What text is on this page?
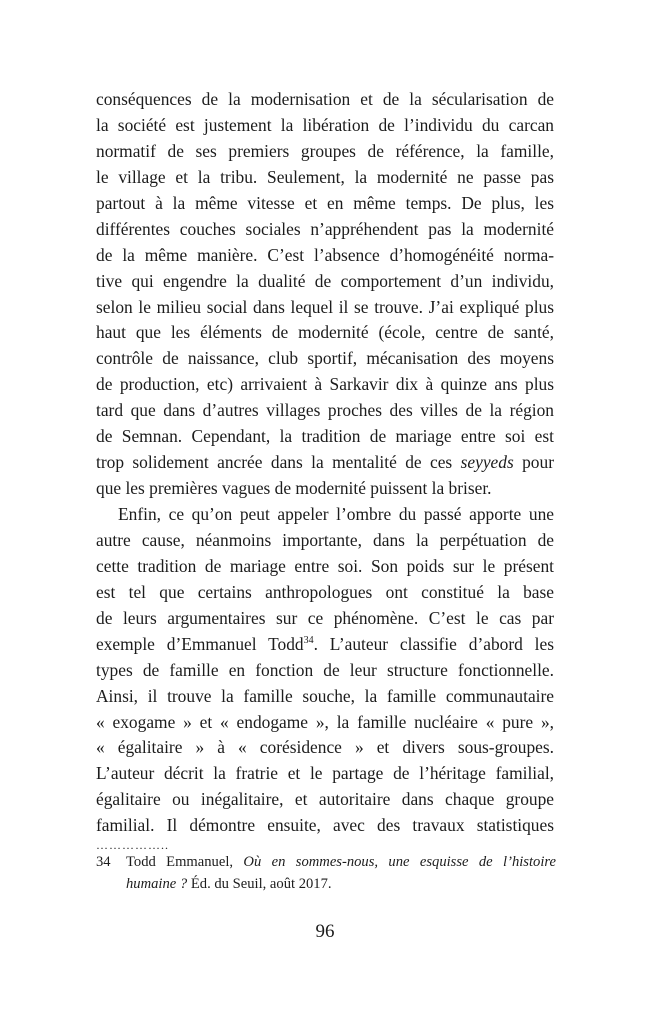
conséquences de la modernisation et de la sécularisation de
la société est justement la libération de l’individu du carcan
normatif de ses premiers groupes de référence, la famille,
le village et la tribu. Seulement, la modernité ne passe pas
partout à la même vitesse et en même temps. De plus, les
différentes couches sociales n’appréhendent pas la modernité
de la même manière. C’est l’absence d’homogénéité norma-
tive qui engendre la dualité de comportement d’un individu,
selon le milieu social dans lequel il se trouve. J’ai expliqué plus
haut que les éléments de modernité (école, centre de santé,
contrôle de naissance, club sportif, mécanisation des moyens
de production, etc) arrivaient à Sarkavir dix à quinze ans plus
tard que dans d’autres villages proches des villes de la région
de Semnan. Cependant, la tradition de mariage entre soi est
trop solidement ancrée dans la mentalité de ces seyyeds pour
que les premières vagues de modernité puissent la briser.
Enfin, ce qu’on peut appeler l’ombre du passé apporte une
autre cause, néanmoins importante, dans la perpétuation de
cette tradition de mariage entre soi. Son poids sur le présent
est tel que certains anthropologues ont constitué la base
de leurs argumentaires sur ce phénomène. C’est le cas par
exemple d’Emmanuel Todd$^{34}$. L’auteur classifie d’abord les
types de famille en fonction de leur structure fonctionnelle.
Ainsi, il trouve la famille souche, la famille communautaire
« exogame » et « endogame », la famille nucléaire « pure »,
« égalitaire » à « corésidence » et divers sous-groupes.
L’auteur décrit la fratrie et le partage de l’héritage familial,
égalitaire ou inégalitaire, et autoritaire dans chaque groupe
familial. Il démontre ensuite, avec des travaux statistiques
……………..
34 Todd Emmanuel, Où en sommes-nous, une esquisse de l’histoire
humaine ? Éd. du Seuil, août 2017.
96
